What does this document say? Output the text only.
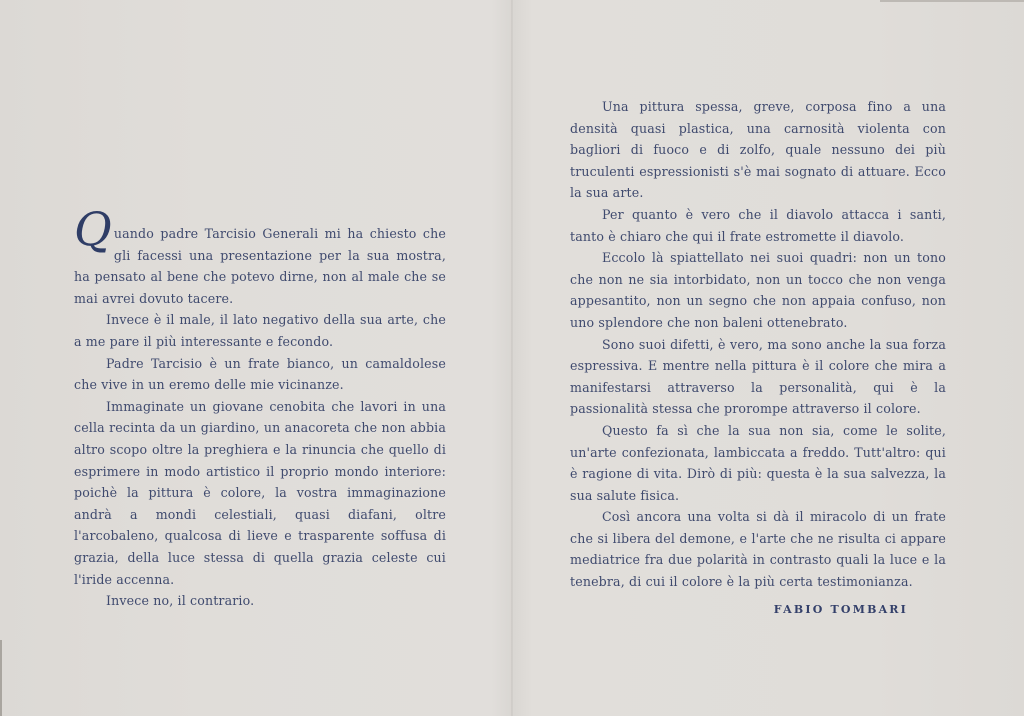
Quando padre Tarcisio Generali mi ha chiesto che gli facessi una presentazione per la sua mostra, ha pensato al bene che potevo dirne, non al male che se mai avrei dovuto tacere.

Invece è il male, il lato negativo della sua arte, che a me pare il più interessante e fecondo.

Padre Tarcisio è un frate bianco, un camaldolese che vive in un eremo delle mie vicinanze.

Immaginate un giovane cenobita che lavori in una cella recinta da un giardino, un anacoreta che non abbia altro scopo oltre la preghiera e la rinuncia che quello di esprimere in modo artistico il proprio mondo interiore: poichè la pittura è colore, la vostra immaginazione andrà a mondi celestiali, quasi diafani, oltre l'arcobaleno, qualcosa di lieve e trasparente soffusa di grazia, della luce stessa di quella grazia celeste cui l'iride accenna.

Invece no, il contrario.

Una pittura spessa, greve, corposa fino a una densità quasi plastica, una carnosità violenta con bagliori di fuoco e di zolfo, quale nessuno dei più truculenti espressionisti s'è mai sognato di attuare. Ecco la sua arte.

Per quanto è vero che il diavolo attacca i santi, tanto è chiaro che qui il frate estromette il diavolo.

Eccolo là spiattellato nei suoi quadri: non un tono che non ne sia intorbidato, non un tocco che non venga appesantito, non un segno che non appaia confuso, non uno splendore che non baleni ottenebrato.

Sono suoi difetti, è vero, ma sono anche la sua forza espressiva. E mentre nella pittura è il colore che mira a manifestarsi attraverso la personalità, qui è la passionalità stessa che prorompe attraverso il colore.

Questo fa sì che la sua non sia, come le solite, un'arte confezionata, lambiccata a freddo. Tutt'altro: qui è ragione di vita. Dirò di più: questa è la sua salvezza, la sua salute fisica.

Così ancora una volta si dà il miracolo di un frate che si libera del demone, e l'arte che ne risulta ci appare mediatrice fra due polarità in contrasto quali la luce e la tenebra, di cui il colore è la più certa testimonianza.

FABIO TOMBARI
